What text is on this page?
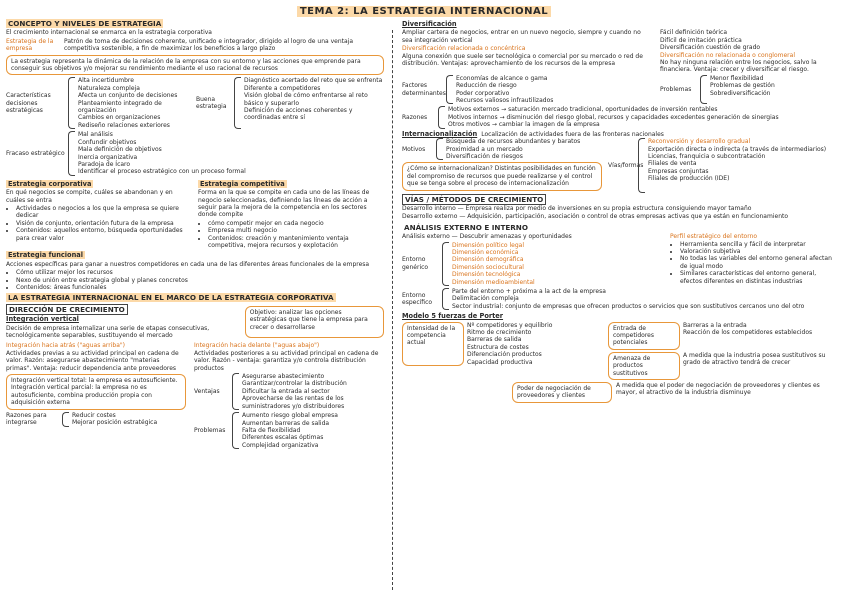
TEMA 2: LA ESTRATEGIA INTERNACIONAL
CONCEPTO Y NIVELES DE ESTRATEGIA

El crecimiento internacional se enmarca en la estrategia corporativa

Estrategia de la empresa
Patrón de toma de decisiones coherente, unificado e integrador, dirigido al logro de una ventaja competitiva sostenible, a fin de maximizar los beneficios a largo plazo
La estrategia representa la dinámica de la relación de la empresa con su entorno y las acciones que emprende para conseguir sus objetivos y/o mejorar su rendimiento mediante el uso racional de recursos
Características decisiones estratégicas
Alta incertidumbre
Naturaleza compleja
Afecta un conjunto de decisiones
Planteamiento integrado de organización
Cambios en organizaciones
Rediseño relaciones exteriores
Buena estrategia
Diagnóstico acertado del reto que se enfrenta
Diferente a competidores
Visión global de cómo enfrentarse al reto básico y superarlo
Definición de acciones coherentes y coordinadas entre sí
Fracaso estratégico
Mal análisis
Confundir objetivos
Mala definición de objetivos
Inercia organizativa
Paradoja de Ícaro
Identificar el proceso estratégico con un proceso formal
Estrategia corporativa

En qué negocios se compite, cuáles se abandonan y en cuáles se entra

• Actividades o negocios a los que la empresa se quiere dedicar
• Visión de conjunto, orientación futura de la empresa
• Contenidos: aquellos entorno, búsqueda oportunidades para crear valor
Estrategia competitiva

Forma en la que se compite en cada uno de las líneas de negocio seleccionadas, definiendo las líneas de acción a seguir para la mejora de la competencia en los sectores donde compite

• cómo competir mejor en cada negocio
• Empresa multi negocio
• Contenidos: creación y mantenimiento ventaja competitiva, mejora recursos y explotación
Estrategia funcional

Acciones específicas para ganar a nuestros competidores en cada una de las diferentes áreas funcionales de la empresa

• Cómo utilizar mejor los recursos
• Nexo de unión entre estrategia global y planes concretos
• Contenidos: áreas funcionales
LA ESTRATEGIA INTERNACIONAL EN EL MARCO DE LA ESTRATEGIA CORPORATIVA
DIRECCIÓN DE CRECIMIENTO
Integración vertical

Decisión de empresa internalizar una serie de etapas consecutivas, tecnológicamente separables, sustituyendo el mercado

Objetivo: analizar las opciones estratégicas que tiene la empresa para crecer o desarrollarse
Integración hacia atrás ("aguas arriba")

Actividades previas a su actividad principal en cadena de valor. Razón: asegurarse abastecimiento "materias primas". Ventaja: reducir dependencia ante proveedores

Integración vertical total: la empresa es autosuficiente. Integración vertical parcial: la empresa no es autosuficiente, combina producción propia con adquisición externa
Razones para integrarse
Reducir costes
Mejorar posición estratégica
Integración hacia delante ("aguas abajo")

Actividades posteriores a su actividad principal en cadena de valor. Razón - ventaja: garantiza y/o controla distribución productos

Ventajas
Asegurarse abastecimiento
Garantizar/controlar la distribución
Dificultar la entrada al sector
Aprovecharse de las rentas de los suministradores y/o distribuidores
Problemas
Aumento riesgo global empresa
Aumentan barreras de salida
Falta de flexibilidad
Diferentes escalas óptimas
Complejidad organizativa
Diversificación

Ampliar cartera de negocios, entrar en un nuevo negocio, siempre y cuando no sea integración vertical

Diversificación relacionada o concéntrica

Alguna conexión que suele ser tecnológica o comercial por su mercado o red de distribución. Ventajas: aprovechamiento de los recursos de la empresa

Fácil definición teórica
Difícil de imitación práctica
Diversificación cuestión de grado
Diversificación no relacionada o conglomeral

No hay ninguna relación entre los negocios, salvo la financiera. Ventaja: crecer y diversificar el riesgo.

Factores determinantes
Economías de alcance o gama
Reducción de riesgo
Poder corporativo
Recursos valiosos infrautilizados
Problemas
Menor flexibilidad
Problemas de gestión
Sobrediversificación
Razones
Motivos externos → saturación mercado tradicional, oportunidades de inversión rentables
Motivos internos → disminución del riesgo global, recursos y capacidades excedentes generación de sinergias
Otros motivos → cambiar la imagen de la empresa
Internacionalización Localización de actividades fuera de las fronteras nacionales
Motivos
Búsqueda de recursos abundantes y baratos
Proximidad a un mercado
Diversificación de riesgos
¿Cómo se internacionalizan? Distintas posibilidades en función del compromiso de recursos que puede realizarse y el control que se tenga sobre el proceso de internacionalización
Vías/formas
Reconversión y desarrollo gradual
Exportación directa o indirecta (a través de intermediarios)
Licencias, franquicia o subcontratación
Filiales de venta
Empresas conjuntas
Filiales de producción (IDE)
VÍAS / MÉTODOS DE CRECIMIENTO

Desarrollo interno — Empresa realiza por medio de inversiones en su propia estructura consiguiendo mayor tamaño

Desarrollo externo — Adquisición, participación, asociación o control de otras empresas activas que ya están en funcionamiento

ANÁLISIS EXTERNO E INTERNO

Análisis externo — Descubrir amenazas y oportunidades

Entorno genérico
Dimensión político legal
Dimensión económica
Dimensión demográfica
Dimensión sociocultural
Dimensión tecnológica
Dimensión medioambiental
Perfil estratégico del entorno
• Herramienta sencilla y fácil de interpretar
• Valoración subjetiva
• No todas las variables del entorno general afectan de igual modo
• Similares características del entorno general, efectos diferentes en distintas industrias
Entorno específico
Parte del entorno + próxima a la act de la empresa
Delimitación compleja
Sector industrial: conjunto de empresas que ofrecen productos o servicios que son sustitutivos cercanos uno del otro
Modelo 5 fuerzas de Porter
Intensidad de la competencia actual
Nº competidores y equilibrio
Ritmo de crecimiento
Barreras de salida
Estructura de costes
Diferenciación productos
Capacidad productiva
Entrada de competidores potenciales
Barreras a la entrada
Reacción de los competidores establecidos
Amenaza de productos sustitutivos
A medida que la industria posea sustitutivos su grado de atractivo tendrá de crecer
Poder de negociación de proveedores y clientes
A medida que el poder de negociación de proveedores y clientes es mayor, el atractivo de la industria disminuye
